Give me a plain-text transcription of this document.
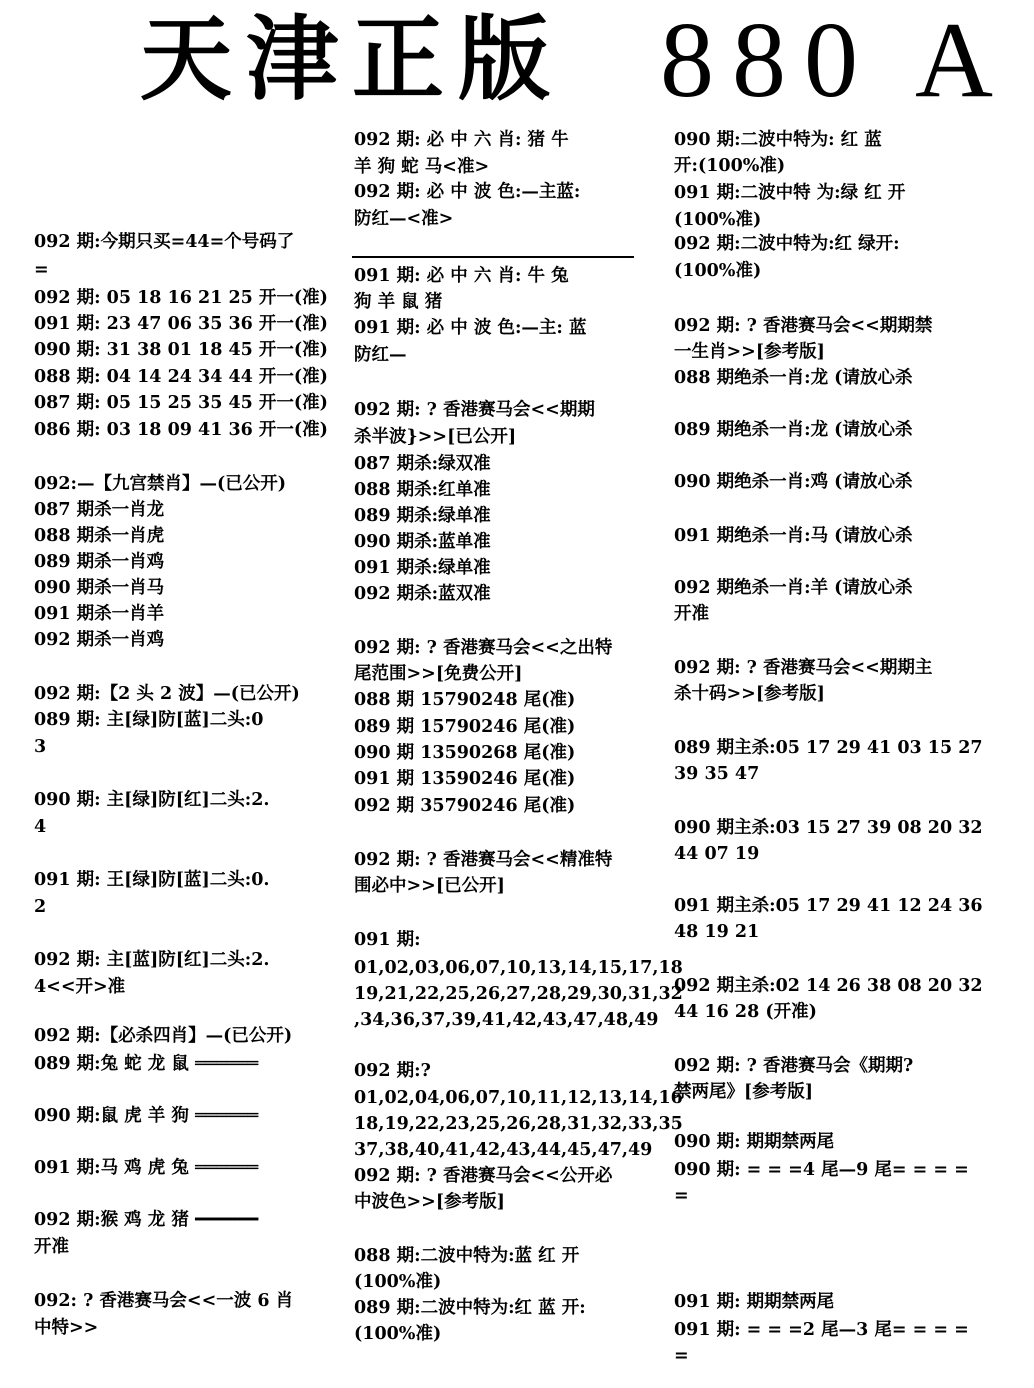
天津正版 880 A
092 期:今期只买=44=个号码了
=
092 期: 05 18 16 21 25 开一(准)
091 期: 23 47 06 35 36 开一(准)
090 期: 31 38 01 18 45 开一(准)
088 期: 04 14 24 34 44 开一(准)
087 期: 05 15 25 35 45 开一(准)
086 期: 03 18 09 41 36 开一(准)
092:—【九宫禁肖】—(已公开)
087 期杀一肖龙
088 期杀一肖虎
089 期杀一肖鸡
090 期杀一肖马
091 期杀一肖羊
092 期杀一肖鸡
092 期:【2 头 2 波】—(已公开)
089 期: 主[绿]防[蓝]二头:0
3
090 期: 主[绿]防[红]二头:2.
4
091 期: 王[绿]防[蓝]二头:0.
2
092 期: 主[蓝]防[红]二头:2.
4<<开>准
092 期:【必杀四肖】—(已公开)
089 期:兔 蛇 龙 鼠 ══════
090 期:鼠 虎 羊 狗 ══════
091 期:马 鸡 虎 兔 ══════
092 期:猴 鸡 龙 猪 ━━━━━━
开准
092: ? 香港赛马会<<一波 6 肖
中特>>
092 期: 必 中 六 肖: 猪 牛
羊 狗 蛇 马<准>
092 期: 必 中 波 色:—主蓝:
防红—<准>
091 期: 必 中 六 肖: 牛 兔
狗 羊 鼠 猪
091 期: 必 中 波 色:—主: 蓝
防红—
092 期: ? 香港赛马会<<期期
杀半波}>>[已公开]
087 期杀:绿双准
088 期杀:红单准
089 期杀:绿单准
090 期杀:蓝单准
091 期杀:绿单准
092 期杀:蓝双准
092 期: ? 香港赛马会<<之出特
尾范围>>[免费公开]
088 期 15790248 尾(准)
089 期 15790246 尾(准)
090 期 13590268 尾(准)
091 期 13590246 尾(准)
092 期 35790246 尾(准)
092 期: ? 香港赛马会<<精准特
围必中>>[已公开]
091 期:
01,02,03,06,07,10,13,14,15,17,18
19,21,22,25,26,27,28,29,30,31,32
,34,36,37,39,41,42,43,47,48,49
092 期:?
01,02,04,06,07,10,11,12,13,14,16
18,19,22,23,25,26,28,31,32,33,35
37,38,40,41,42,43,44,45,47,49
092 期: ? 香港赛马会<<公开必
中波色>>[参考版]
088 期:二波中特为:蓝 红 开
(100%准)
089 期:二波中特为:红 蓝 开:
(100%准)
090 期:二波中特为: 红 蓝
开:(100%准)
091 期:二波中特 为:绿 红 开
(100%准)
092 期:二波中特为:红 绿开:
(100%准)
092 期: ? 香港赛马会<<期期禁
一生肖>>[参考版]
088 期绝杀一肖:龙 (请放心杀
089 期绝杀一肖:龙 (请放心杀
090 期绝杀一肖:鸡 (请放心杀
091 期绝杀一肖:马 (请放心杀
092 期绝杀一肖:羊 (请放心杀
开准
092 期: ? 香港赛马会<<期期主
杀十码>>[参考版]
089 期主杀:05 17 29 41 03 15 27
39 35 47
090 期主杀:03 15 27 39 08 20 32
44 07 19
091 期主杀:05 17 29 41 12 24 36
48 19 21
092 期主杀:02 14 26 38 08 20 32
44 16 28 (开准)
092 期: ? 香港赛马会《期期?
禁两尾》[参考版]
090 期: 期期禁两尾
090 期: = = =4 尾—9 尾= = = =
=
091 期: 期期禁两尾
091 期: = = =2 尾—3 尾= = = =
=
